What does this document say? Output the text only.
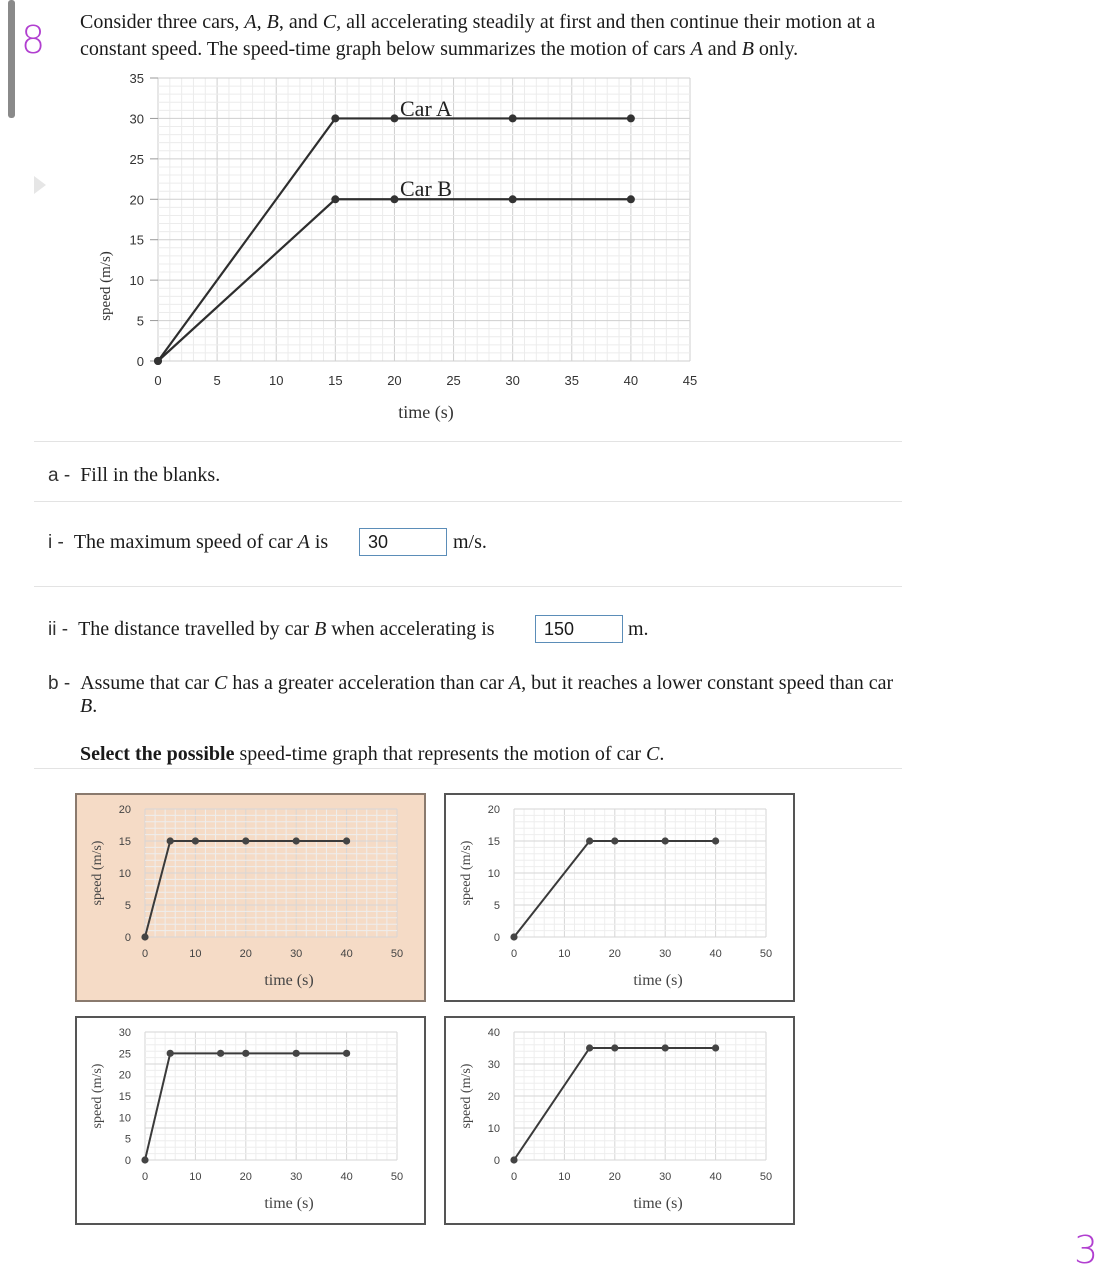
8
3
Consider three cars, A, B, and C, all accelerating steadily at first and then continue their motion at a constant speed. The speed-time graph below summarizes the motion of cars A and B only.
0
5
10
15
20
25
30
35
0	5	10	15	20	25	30	35	40	45
speed (m/s)
time (s)
Car A
Car B
a - Fill in the blanks.
i - The maximum speed of car A is	30	m/s.
ii - The distance travelled by car B when accelerating is	150	m.
b - Assume that car C has a greater acceleration than car A, but it reaches a lower constant speed than car
B.
Select the possible speed-time graph that represents the motion of car C.
0
5
10
15
20
0	10	20	30	40	50
time (s)
speed (m/s)
0
5
10
15
20
0	10	20	30	40	50
time (s)
speed (m/s)
0
5
10
15
20
25
30
0	10	20	30	40	50
time (s)
speed (m/s)
0
10
20
30
40
0	10	20	30	40	50
time (s)
speed (m/s)
